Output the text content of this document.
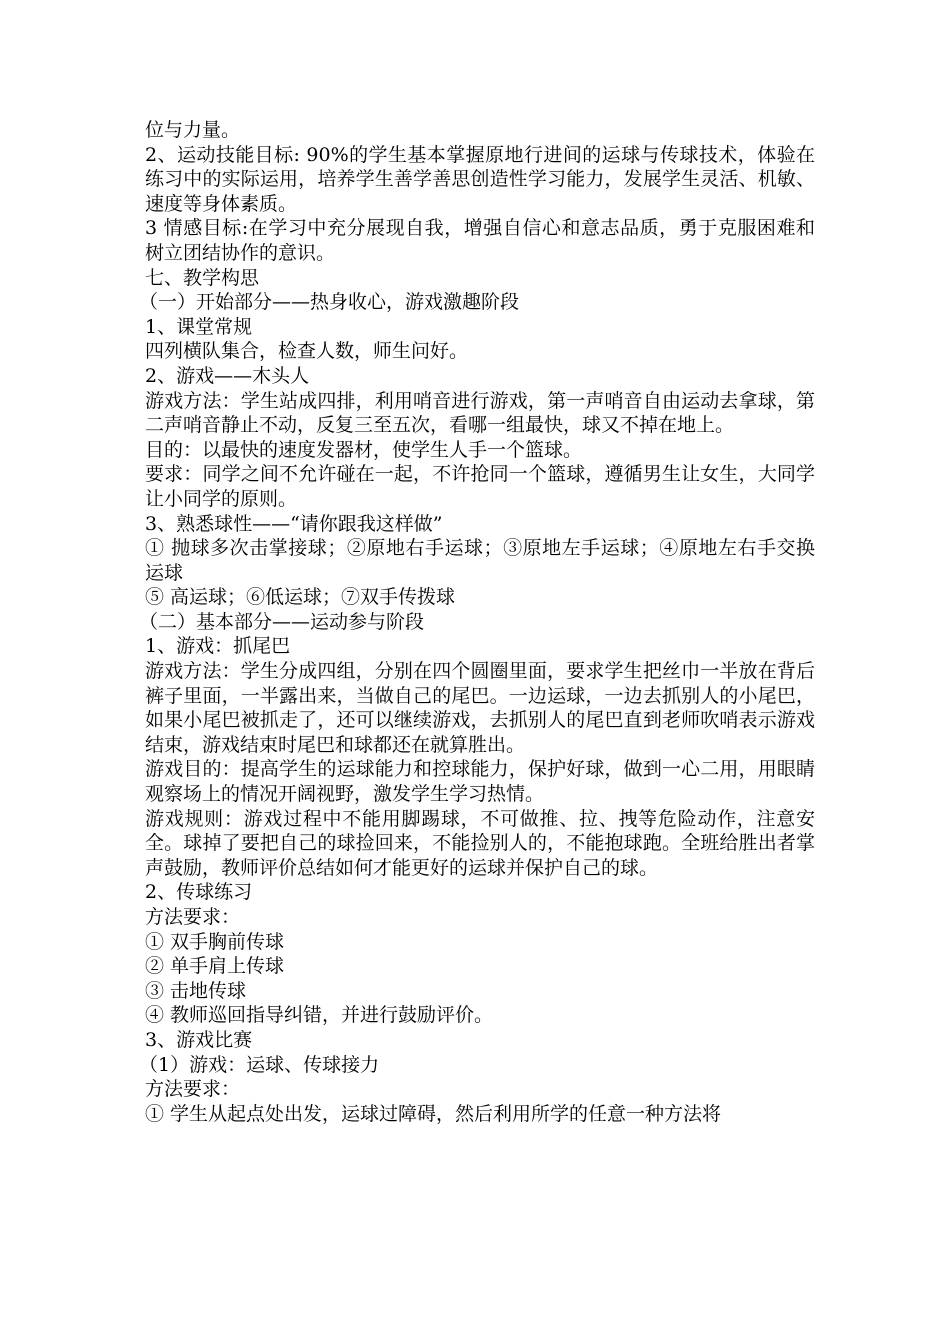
位与力量。

2、运动技能目标: 90%的学生基本掌握原地行进间的运球与传球技术，体验在练习中的实际运用，培养学生善学善思创造性学习能力，发展学生灵活、机敏、速度等身体素质。

3 情感目标:在学习中充分展现自我，增强自信心和意志品质，勇于克服困难和树立团结协作的意识。

七、教学构思

（一）开始部分——热身收心，游戏激趣阶段

1、课堂常规

四列横队集合，检查人数，师生问好。

2、游戏——木头人

游戏方法：学生站成四排，利用哨音进行游戏，第一声哨音自由运动去拿球，第二声哨音静止不动，反复三至五次，看哪一组最快，球又不掉在地上。

目的：以最快的速度发器材，使学生人手一个篮球。

要求：同学之间不允许碰在一起，不许抢同一个篮球，遵循男生让女生，大同学让小同学的原则。

3、熟悉球性——“请你跟我这样做”

① 抛球多次击掌接球；②原地右手运球；③原地左手运球；④原地左右手交换运球

⑤ 高运球；⑥低运球；⑦双手传拨球

（二）基本部分——运动参与阶段

1、游戏：抓尾巴

游戏方法：学生分成四组，分别在四个圆圈里面，要求学生把丝巾一半放在背后裤子里面，一半露出来，当做自己的尾巴。一边运球，一边去抓别人的小尾巴，如果小尾巴被抓走了，还可以继续游戏，去抓别人的尾巴直到老师吹哨表示游戏结束，游戏结束时尾巴和球都还在就算胜出。

游戏目的：提高学生的运球能力和控球能力，保护好球，做到一心二用，用眼睛观察场上的情况开阔视野，激发学生学习热情。

游戏规则：游戏过程中不能用脚踢球，不可做推、拉、拽等危险动作，注意安全。球掉了要把自己的球捡回来，不能捡别人的，不能抱球跑。全班给胜出者掌声鼓励，教师评价总结如何才能更好的运球并保护自己的球。

2、传球练习

方法要求：

① 双手胸前传球

② 单手肩上传球

③ 击地传球

④ 教师巡回指导纠错，并进行鼓励评价。

3、游戏比赛

（1）游戏：运球、传球接力

方法要求：

① 学生从起点处出发，运球过障碍，然后利用所学的任意一种方法将
